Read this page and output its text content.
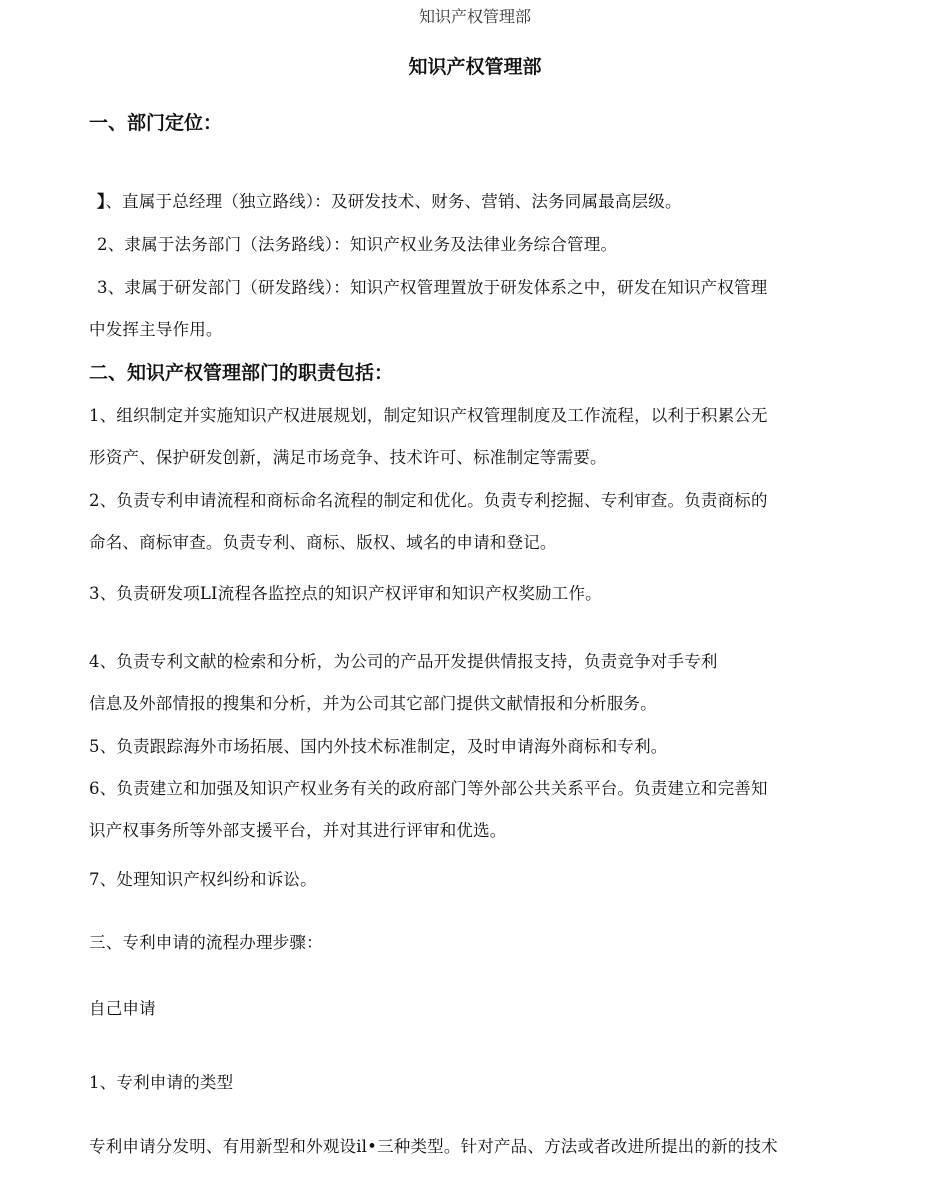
知识产权管理部
知识产权管理部
一、部门定位：
】、直属于总经理（独立路线）：及研发技术、财务、营销、法务同属最高层级。
2、隶属于法务部门（法务路线）：知识产权业务及法律业务综合管理。
3、隶属于研发部门（研发路线）：知识产权管理置放于研发体系之中，研发在知识产权管理
中发挥主导作用。
二、知识产权管理部门的职责包括：
1、组织制定并实施知识产权进展规划，制定知识产权管理制度及工作流程，以利于积累公无
形资产、保护研发创新，满足市场竞争、技术许可、标准制定等需要。
2、负责专利申请流程和商标命名流程的制定和优化。负责专利挖掘、专利审查。负责商标的
命名、商标审查。负责专利、商标、版权、域名的申请和登记。
3、负责研发项LI流程各监控点的知识产权评审和知识产权奖励工作。
4、负责专利文献的检索和分析，为公司的产品开发提供情报支持，负责竞争对手专利
信息及外部情报的搜集和分析，并为公司其它部门提供文献情报和分析服务。
5、负责跟踪海外市场拓展、国内外技术标准制定，及时申请海外商标和专利。
6、负责建立和加强及知识产权业务有关的政府部门等外部公共关系平台。负责建立和完善知
识产权事务所等外部支援平台，并对其进行评审和优选。
7、处理知识产权纠纷和诉讼。
三、专利申请的流程办理步骤：
自己申请
1、专利申请的类型
专利申请分发明、有用新型和外观设il•三种类型。针对产品、方法或者改进所提出的新的技术
